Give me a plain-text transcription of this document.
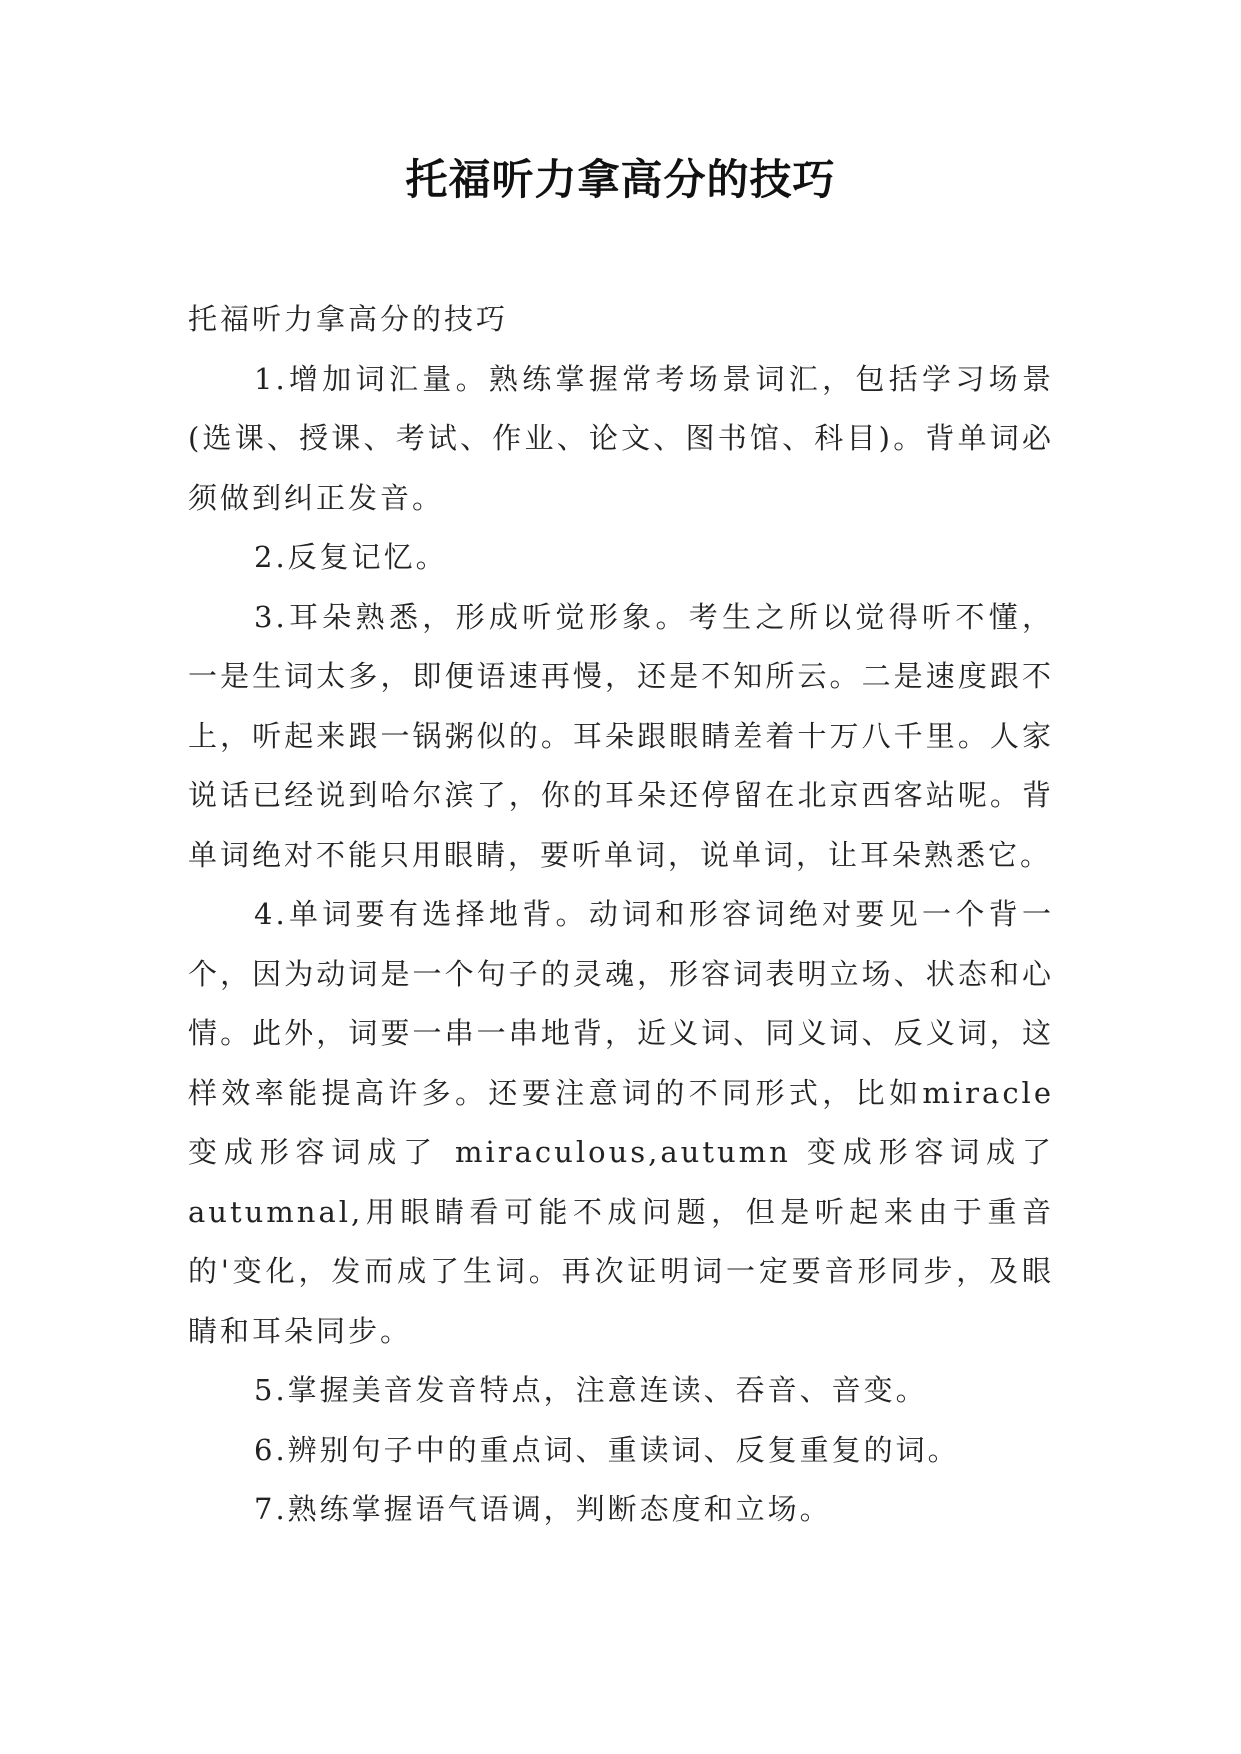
托福听力拿高分的技巧

托福听力拿高分的技巧

1.增加词汇量。熟练掌握常考场景词汇，包括学习场景(选课、授课、考试、作业、论文、图书馆、科目)。背单词必须做到纠正发音。

2.反复记忆。

3.耳朵熟悉，形成听觉形象。考生之所以觉得听不懂，一是生词太多，即便语速再慢，还是不知所云。二是速度跟不上，听起来跟一锅粥似的。耳朵跟眼睛差着十万八千里。人家说话已经说到哈尔滨了，你的耳朵还停留在北京西客站呢。背单词绝对不能只用眼睛，要听单词，说单词，让耳朵熟悉它。

4.单词要有选择地背。动词和形容词绝对要见一个背一个，因为动词是一个句子的灵魂，形容词表明立场、状态和心情。此外，词要一串一串地背，近义词、同义词、反义词，这样效率能提高许多。还要注意词的不同形式，比如miracle变成形容词成了 miraculous,autumn 变成形容词成了autumnal,用眼睛看可能不成问题，但是听起来由于重音的'变化，发而成了生词。再次证明词一定要音形同步，及眼睛和耳朵同步。

5.掌握美音发音特点，注意连读、吞音、音变。

6.辨别句子中的重点词、重读词、反复重复的词。

7.熟练掌握语气语调，判断态度和立场。
